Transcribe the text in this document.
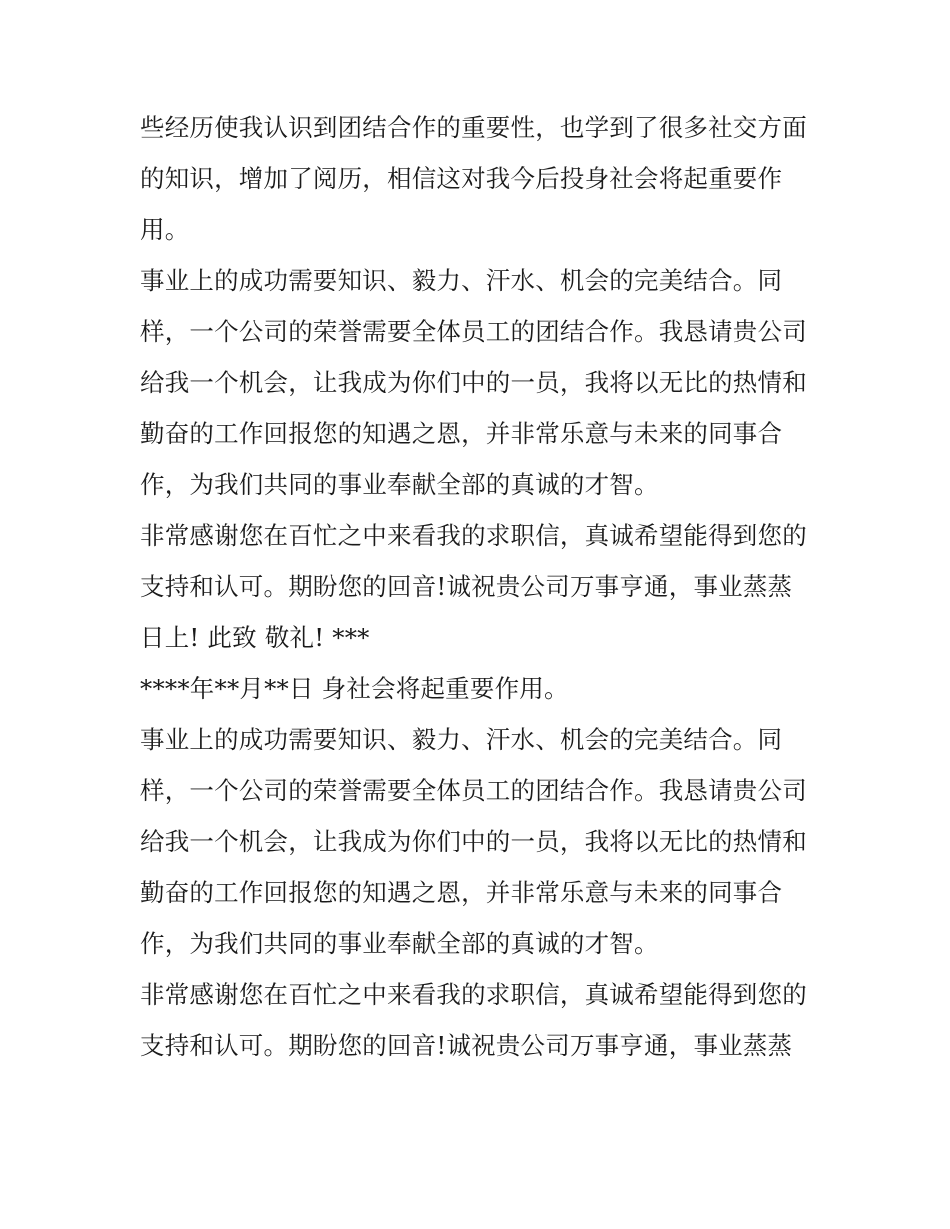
些经历使我认识到团结合作的重要性，也学到了很多社交方面
的知识，增加了阅历，相信这对我今后投身社会将起重要作
用。
事业上的成功需要知识、毅力、汗水、机会的完美结合。同
样，一个公司的荣誉需要全体员工的团结合作。我恳请贵公司
给我一个机会，让我成为你们中的一员，我将以无比的热情和
勤奋的工作回报您的知遇之恩，并非常乐意与未来的同事合
作，为我们共同的事业奉献全部的真诚的才智。
非常感谢您在百忙之中来看我的求职信，真诚希望能得到您的
支持和认可。期盼您的回音!诚祝贵公司万事亨通，事业蒸蒸
日上! 此致 敬礼! ***
****年**月**日 身社会将起重要作用。
事业上的成功需要知识、毅力、汗水、机会的完美结合。同
样，一个公司的荣誉需要全体员工的团结合作。我恳请贵公司
给我一个机会，让我成为你们中的一员，我将以无比的热情和
勤奋的工作回报您的知遇之恩，并非常乐意与未来的同事合
作，为我们共同的事业奉献全部的真诚的才智。
非常感谢您在百忙之中来看我的求职信，真诚希望能得到您的
支持和认可。期盼您的回音!诚祝贵公司万事亨通，事业蒸蒸
